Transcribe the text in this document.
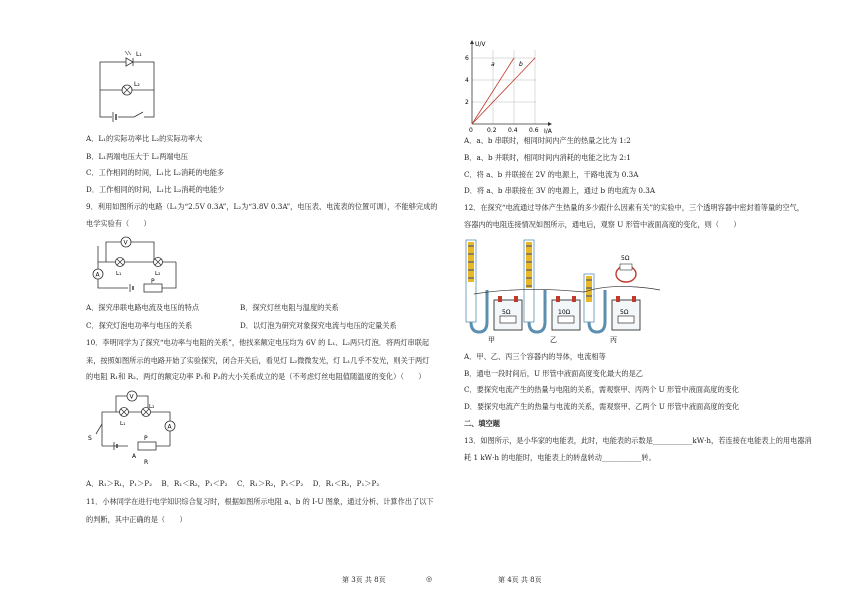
L₁
L₂
A．L₁的实际功率比 L₂的实际功率大
B．L₁两端电压大于 L₂两端电压
C．工作相同的时间，L₁比 L₂消耗的电能多
D．工作相同的时间，L₁比 L₂消耗的电能少
9．利用如图所示的电路（L₁为“2.5V 0.3A”，L₂为“3.8V 0.3A”，电压表、电流表的位置可调），不能够完成的
电学实验有（　　）
V
A	L₁	L₂
P
A．探究串联电路电流及电压的特点	B．探究灯丝电阻与温度的关系
C．探究灯泡电功率与电压的关系	D．以灯泡为研究对象探究电流与电压的定量关系
10．李明同学为了探究“电功率与电阻的关系”，他找来额定电压均为 6V 的 L₁、L₂两只灯泡．将两灯串联起
来，按照如图所示的电路开始了实验探究，闭合开关后，看见灯 L₂微微发光，灯 L₁几乎不发光，则关于两灯
的电阻 R₁和 R₂、两灯的额定功率 P₁和 P₂的大小关系成立的是（不考虑灯丝电阻值随温度的变化）（　　）
V
L₁
L₂
A
S	P
A
R
A．R₁＞R₁，P₁＞P₂　 B．R₁＜R₂，P₁＜P₂　 C．R₁＞R₂，P₁＜P₂　 D．R₁＜R₂，P₁＞P₂
11．小林同学在进行电学知识综合复习时，根据如图所示电阻 a、b 的 I-U 图象，通过分析、计算作出了以下
的判断，其中正确的是（　　）
a	b
U/V
I/A
6
4
2
0 0.2 0.4 0.6
A．a、b 串联时，相同时间内产生的热量之比为 1:2
B．a、b 并联时，相同时间内消耗的电能之比为 2:1
C．将 a、b 并联接在 2V 的电源上，干路电流为 0.3A
D．将 a、b 串联接在 3V 的电源上，通过 b 的电流为 0.3A
12．在探究“电流通过导体产生热量的多少跟什么因素有关”的实验中，三个透明容器中密封着等量的空气，
容器内的电阻连接情况如图所示，通电后，观察 U 形管中液面高度的变化，则（　　）
5Ω
5Ω	10Ω	5Ω
甲	乙	丙
A．甲、乙、丙三个容器内的导体，电流相等
B．通电一段时间后，U 形管中液面高度变化最大的是乙
C．要探究电流产生的热量与电阻的关系，需观察甲、丙两个 U 形管中液面高度的变化
D．要探究电流产生的热量与电流的关系，需观察甲、乙两个 U 形管中液面高度的变化
二、填空题
13．如图所示，是小华家的电能表，此时，电能表的示数是___________kW·h，若连接在电能表上的用电器消
耗 1 kW·h 的电能时，电能表上的转盘转动___________转。
第 3页 共 8页	◎	第 4页 共 8页
